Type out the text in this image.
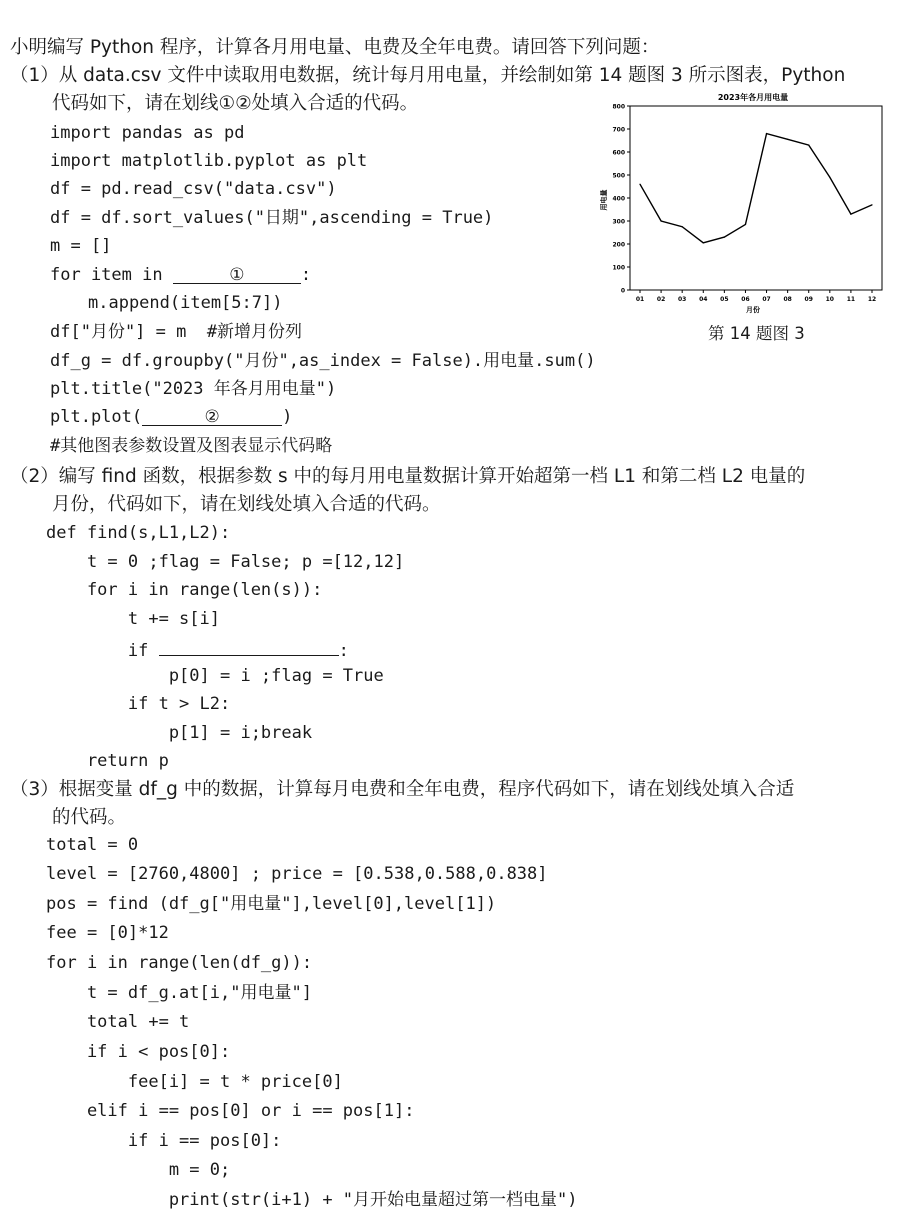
小明编写 Python 程序，计算各月用电量、电费及全年电费。请回答下列问题：
（1）从 data.csv 文件中读取用电数据，统计每月用电量，并绘制如第 14 题图 3 所示图表，Python
代码如下，请在划线①②处填入合适的代码。
import pandas as pd
import matplotlib.pyplot as plt
df = pd.read_csv("data.csv")
df = df.sort_values("日期",ascending = True)
m = []
for item in	①	:
m.append(item[5:7])
df["月份"] = m  #新增月份列
df_g = df.groupby("月份",as_index = False).用电量.sum()
plt.title("2023 年各月用电量")
plt.plot(	②	)
#其他图表参数设置及图表显示代码略
2023年各月用电量
用电量
月份
0
100
200
300
400
500
600
700
800
01 02 03 04 05 06 07 08 09 10 11 12
第 14 题图 3
（2）编写 find 函数，根据参数 s 中的每月用电量数据计算开始超第一档 L1 和第二档 L2 电量的
月份，代码如下，请在划线处填入合适的代码。
def find(s,L1,L2):
t = 0 ;flag = False; p =[12,12]
for i in range(len(s)):
t += s[i]
if	:
p[0] = i ;flag = True
if t > L2:
p[1] = i;break
return p
（3）根据变量 df_g 中的数据，计算每月电费和全年电费，程序代码如下，请在划线处填入合适
的代码。
total = 0
level = [2760,4800] ; price = [0.538,0.588,0.838]
pos = find (df_g["用电量"],level[0],level[1])
fee = [0]*12
for i in range(len(df_g)):
t = df_g.at[i,"用电量"]
total += t
if i < pos[0]:
fee[i] = t * price[0]
elif i == pos[0] or i == pos[1]:
if i == pos[0]:
m = 0;
print(str(i+1) + "月开始电量超过第一档电量")
